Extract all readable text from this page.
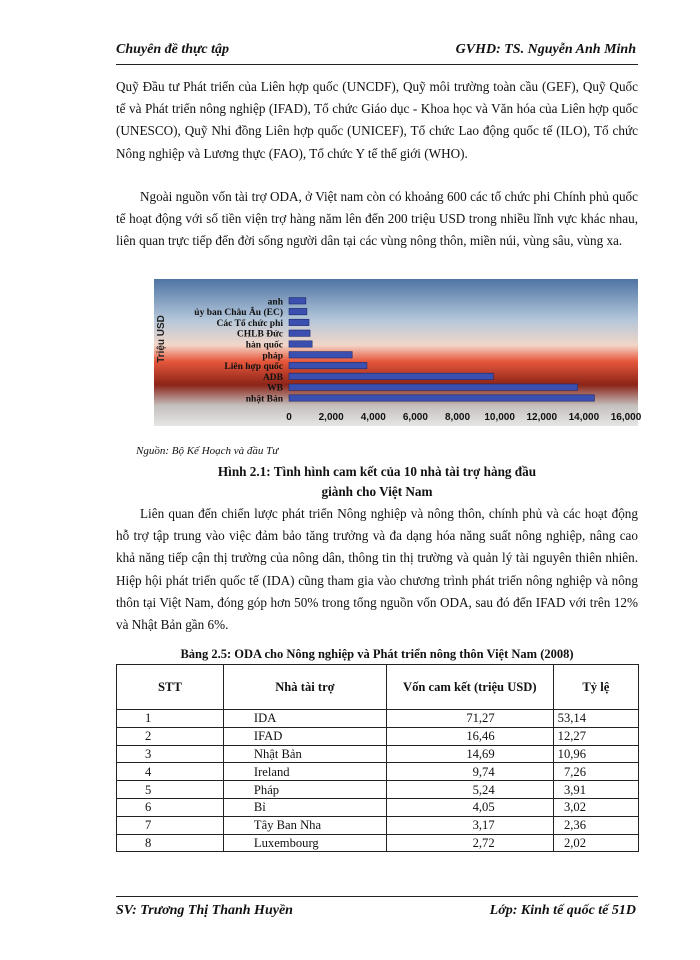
Chuyên đề thực tập	GVHD: TS. Nguyễn Anh Minh
Quỹ Đầu tư Phát triển của Liên hợp quốc (UNCDF), Quỹ môi trường toàn cầu (GEF), Quỹ Quốc tế và Phát triển nông nghiệp (IFAD), Tổ chức Giáo dục - Khoa học và Văn hóa của Liên hợp quốc (UNESCO), Quỹ Nhi đồng Liên hợp quốc (UNICEF), Tổ chức Lao động quốc tế (ILO), Tổ chức Nông nghiệp và Lương thực (FAO), Tổ chức Y tế thế giới (WHO).
Ngoài nguồn vốn tài trợ ODA, ở Việt nam còn có khoảng 600 các tổ chức phi Chính phủ quốc tế hoạt động với số tiền viện trợ hàng năm lên đến 200 triệu USD trong nhiều lĩnh vực khác nhau, liên quan trực tiếp đến đời sống người dân tại các vùng nông thôn, miền núi, vùng sâu, vùng xa.
nhật Bản
WB
ADB
Liên hợp quốc
pháp
hàn quốc
CHLB Đức
Các Tổ chức phi
ủy ban Châu Âu (EC)
anh
0	2,000 4,000 6,000 8,000 10,000 12,000 14,000 16,000
Triệu USD
Nguồn: Bộ Kế Hoạch và đầu Tư
Hình 2.1: Tình hình cam kết của 10 nhà tài trợ hàng đầu
giành cho Việt Nam
Liên quan đến chiến lược phát triển Nông nghiệp và nông thôn, chính phủ và các hoạt động hỗ trợ tập trung vào việc đảm bảo tăng trưởng và đa dạng hóa năng suất nông nghiệp, nâng cao khả năng tiếp cận thị trường của nông dân, thông tin thị trường và quản lý tài nguyên thiên nhiên. Hiệp hội phát triển quốc tế (IDA) cũng tham gia vào chương trình phát triển nông nghiệp và nông thôn tại Việt Nam, đóng góp hơn 50% trong tổng nguồn vốn ODA, sau đó đến IFAD với trên 12% và Nhật Bản gần 6%.
Bảng 2.5: ODA cho Nông nghiệp và Phát triển nông thôn Việt Nam (2008)
STT	Nhà tài trợ	Vốn cam kết (triệu USD)	Tỷ lệ
1	IDA	71,27	53,14
2	IFAD	16,46	12,27
3	Nhật Bản	14,69	10,96
4	Ireland	9,74	7,26
5	Pháp	5,24	3,91
6	Bỉ	4,05	3,02
7	Tây Ban Nha	3,17	2,36
8	Luxembourg	2,72	2,02
SV: Trương Thị Thanh Huyền	Lớp: Kinh tế quốc tế 51D
